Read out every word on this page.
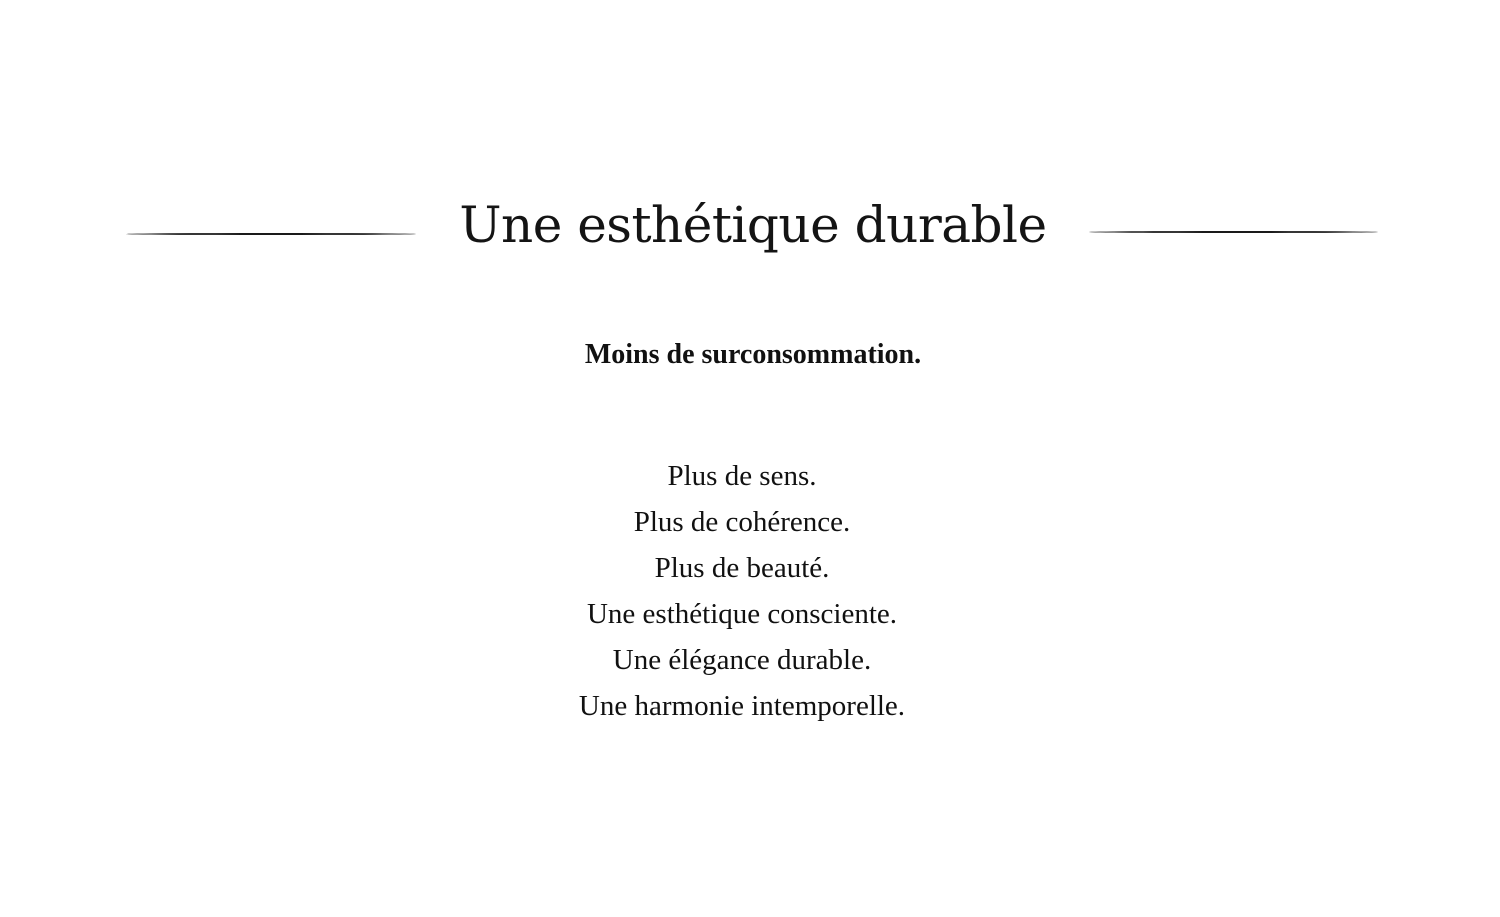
Une esthétique durable

Moins de surconsommation.

Plus de sens.
Plus de cohérence.
Plus de beauté.
Une esthétique consciente.
Une élégance durable.
Une harmonie intemporelle.
